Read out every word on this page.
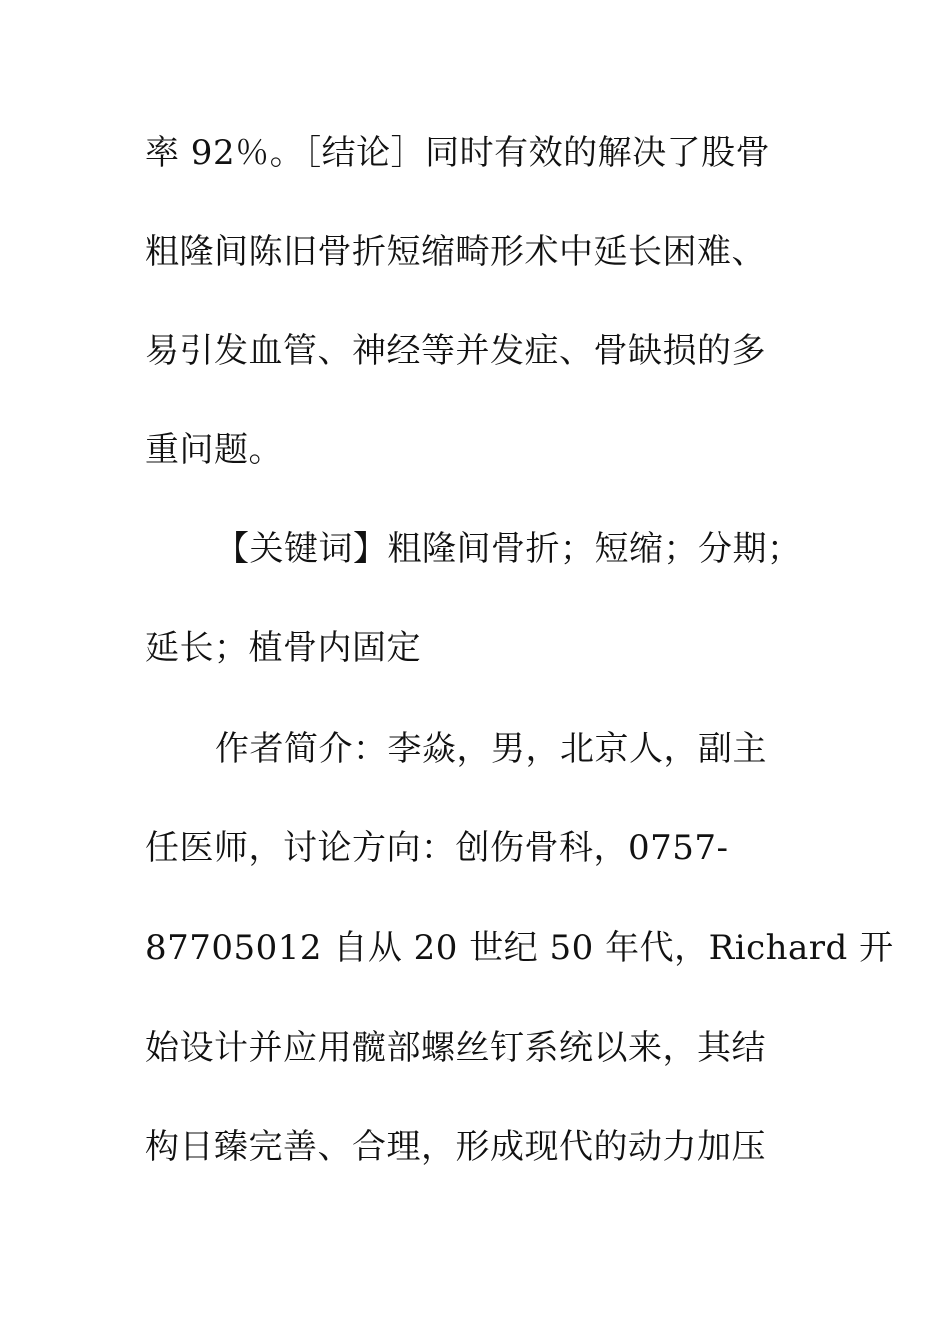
率 92％。［结论］同时有效的解决了股骨
粗隆间陈旧骨折短缩畸形术中延长困难、
易引发血管、神经等并发症、骨缺损的多
重问题。
【关键词】粗隆间骨折；短缩；分期；
延长；植骨内固定
作者简介：李焱，男，北京人，副主
任医师，讨论方向：创伤骨科，0757-
87705012 自从 20 世纪 50 年代，Richard 开
始设计并应用髋部螺丝钉系统以来，其结
构日臻完善、合理，形成现代的动力加压
